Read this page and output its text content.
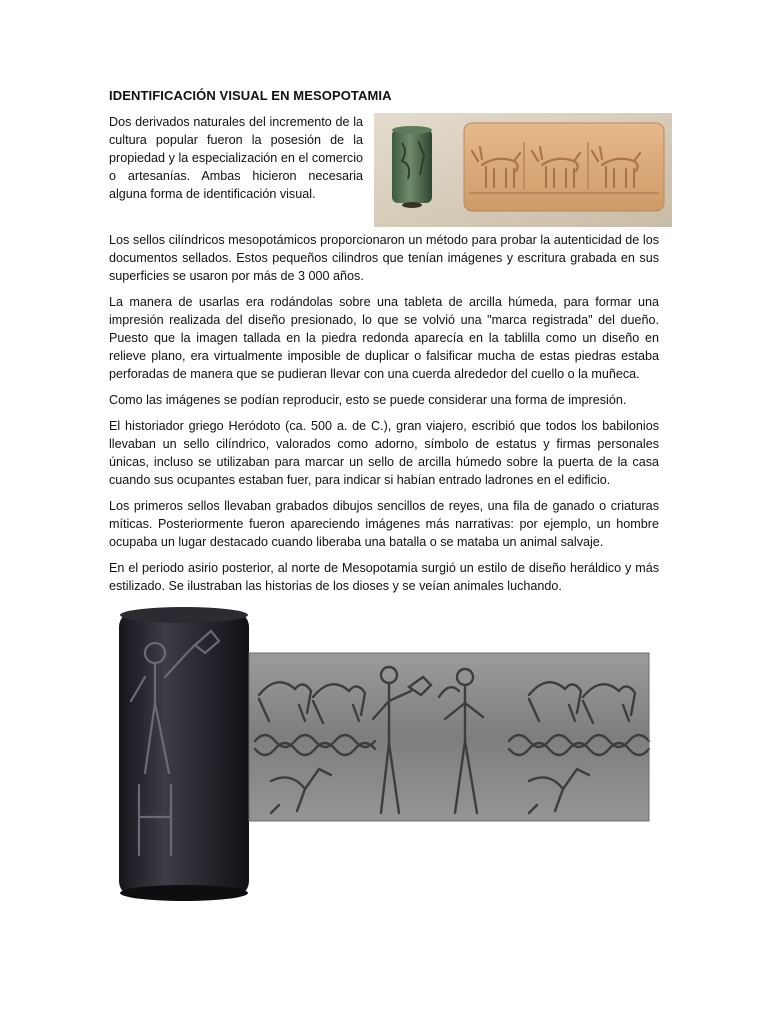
IDENTIFICACIÓN VISUAL EN MESOPOTAMIA

Dos derivados naturales del incremento de la cultura popular fueron la posesión de la propiedad y la especialización en el comercio o artesanías. Ambas hicieron necesaria alguna forma de identificación visual.

Los sellos cilíndricos mesopotámicos proporcionaron un método para probar la autenticidad de los documentos sellados. Estos pequeños cilindros que tenían imágenes y escritura grabada en sus superficies se usaron por más de 3 000 años.

La manera de usarlas era rodándolas sobre una tableta de arcilla húmeda, para formar una impresión realizada del diseño presionado, lo que se volvió una "marca registrada" del dueño. Puesto que la imagen tallada en la piedra redonda aparecía en la tablilla como un diseño en relieve plano, era virtualmente imposible de duplicar o falsificar mucha de estas piedras estaba perforadas de manera que se pudieran llevar con una cuerda alrededor del cuello o la muñeca.

Como las imágenes se podían reproducir, esto se puede considerar una forma de impresión.

El historiador griego Heródoto (ca. 500 a. de C.), gran viajero, escribió que todos los babilonios llevaban un sello cilíndrico, valorados como adorno, símbolo de estatus y firmas personales únicas, incluso se utilizaban para marcar un sello de arcilla húmedo sobre la puerta de la casa cuando sus ocupantes estaban fuer, para indicar si habían entrado ladrones en el edificio.

Los primeros sellos llevaban grabados dibujos sencillos de reyes, una fila de ganado o criaturas míticas. Posteriormente fueron apareciendo imágenes más narrativas: por ejemplo, un hombre ocupaba un lugar destacado cuando liberaba una batalla o se mataba un animal salvaje.

En el periodo asirio posterior, al norte de Mesopotamia surgió un estilo de diseño heráldico y más estilizado. Se ilustraban las historias de los dioses y se veían animales luchando.
